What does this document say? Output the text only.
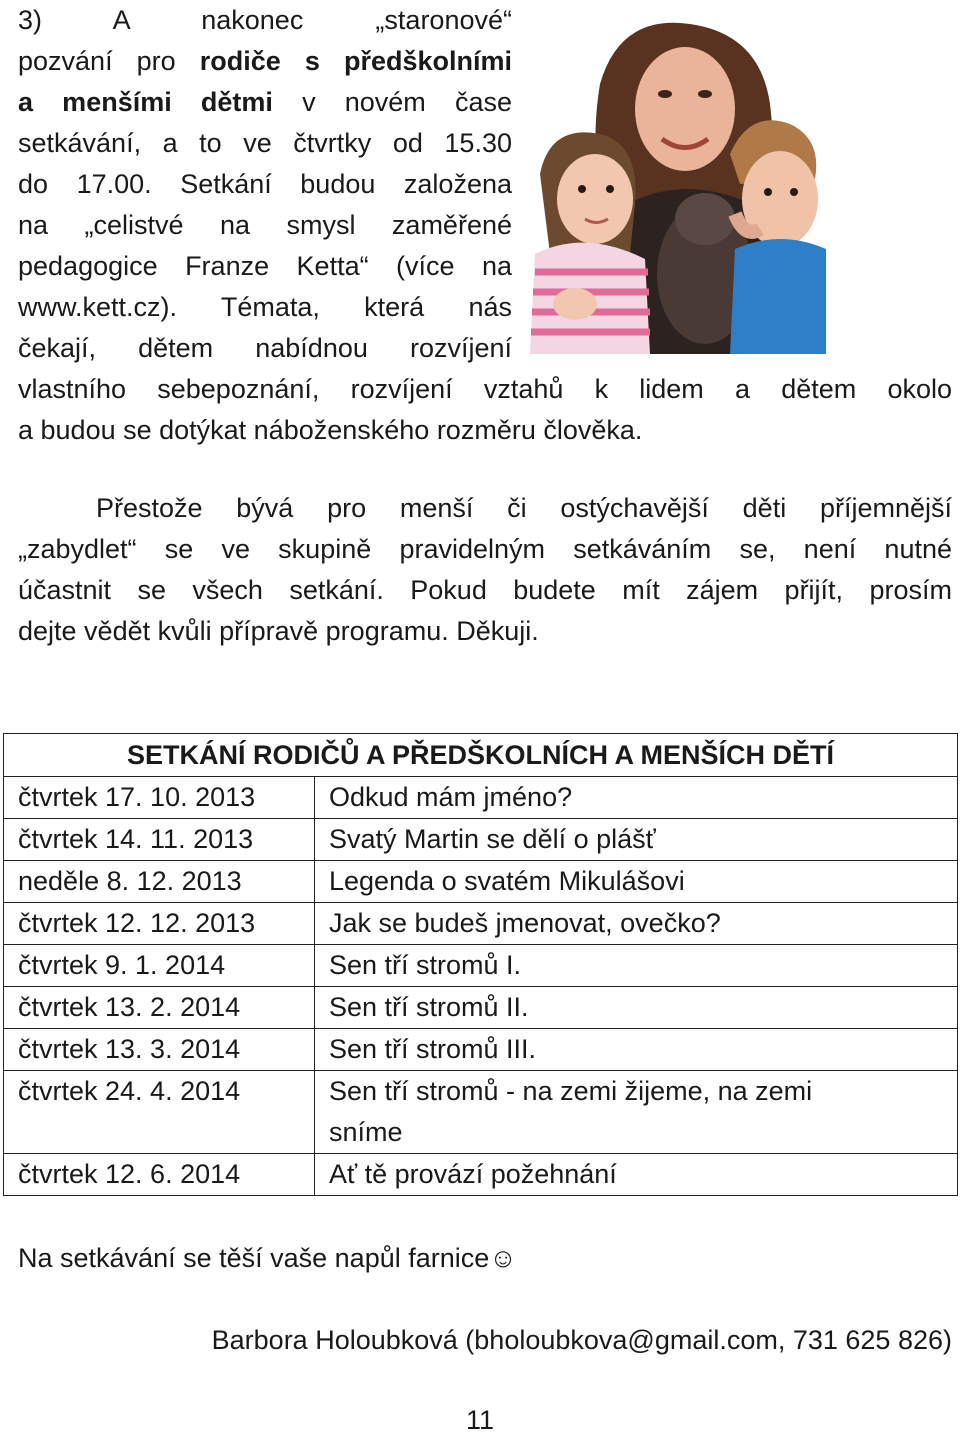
3) A nakonec „staronové“
pozvání pro rodiče s předškolními
a menšími dětmi v novém čase
setkávání, a to ve čtvrtky od 15.30
do 17.00. Setkání budou založena
na „celistvé na smysl zaměřené
pedagogice Franze Ketta“ (více na
www.kett.cz). Témata, která nás
čekají, dětem nabídnou rozvíjení
vlastního sebepoznání, rozvíjení vztahů k lidem a dětem okolo
a budou se dotýkat náboženského rozměru člověka.
Přestože bývá pro menší či ostýchavější děti příjemnější
„zabydlet“ se ve skupině pravidelným setkáváním se, není nutné
účastnit se všech setkání. Pokud budete mít zájem přijít, prosím
dejte vědět kvůli přípravě programu. Děkuji.
SETKÁNÍ RODIČŮ A PŘEDŠKOLNÍCH A MENŠÍCH DĚTÍ	
čtvrtek 17. 10. 2013	Odkud mám jméno?
čtvrtek 14. 11. 2013	Svatý Martin se dělí o plášť
neděle 8. 12. 2013	Legenda o svatém Mikulášovi
čtvrtek 12. 12. 2013	Jak se budeš jmenovat, ovečko?
čtvrtek 9. 1. 2014	Sen tří stromů I.
čtvrtek 13. 2. 2014	Sen tří stromů II.
čtvrtek 13. 3. 2014	Sen tří stromů III.
čtvrtek 24. 4. 2014	Sen tří stromů - na zemi žijeme, na zemi sníme
čtvrtek 12. 6. 2014	Ať tě provází požehnání
Na setkávání se těší vaše napůl farnice☺
Barbora Holoubková (bholoubkova@gmail.com, 731 625 826)
11
